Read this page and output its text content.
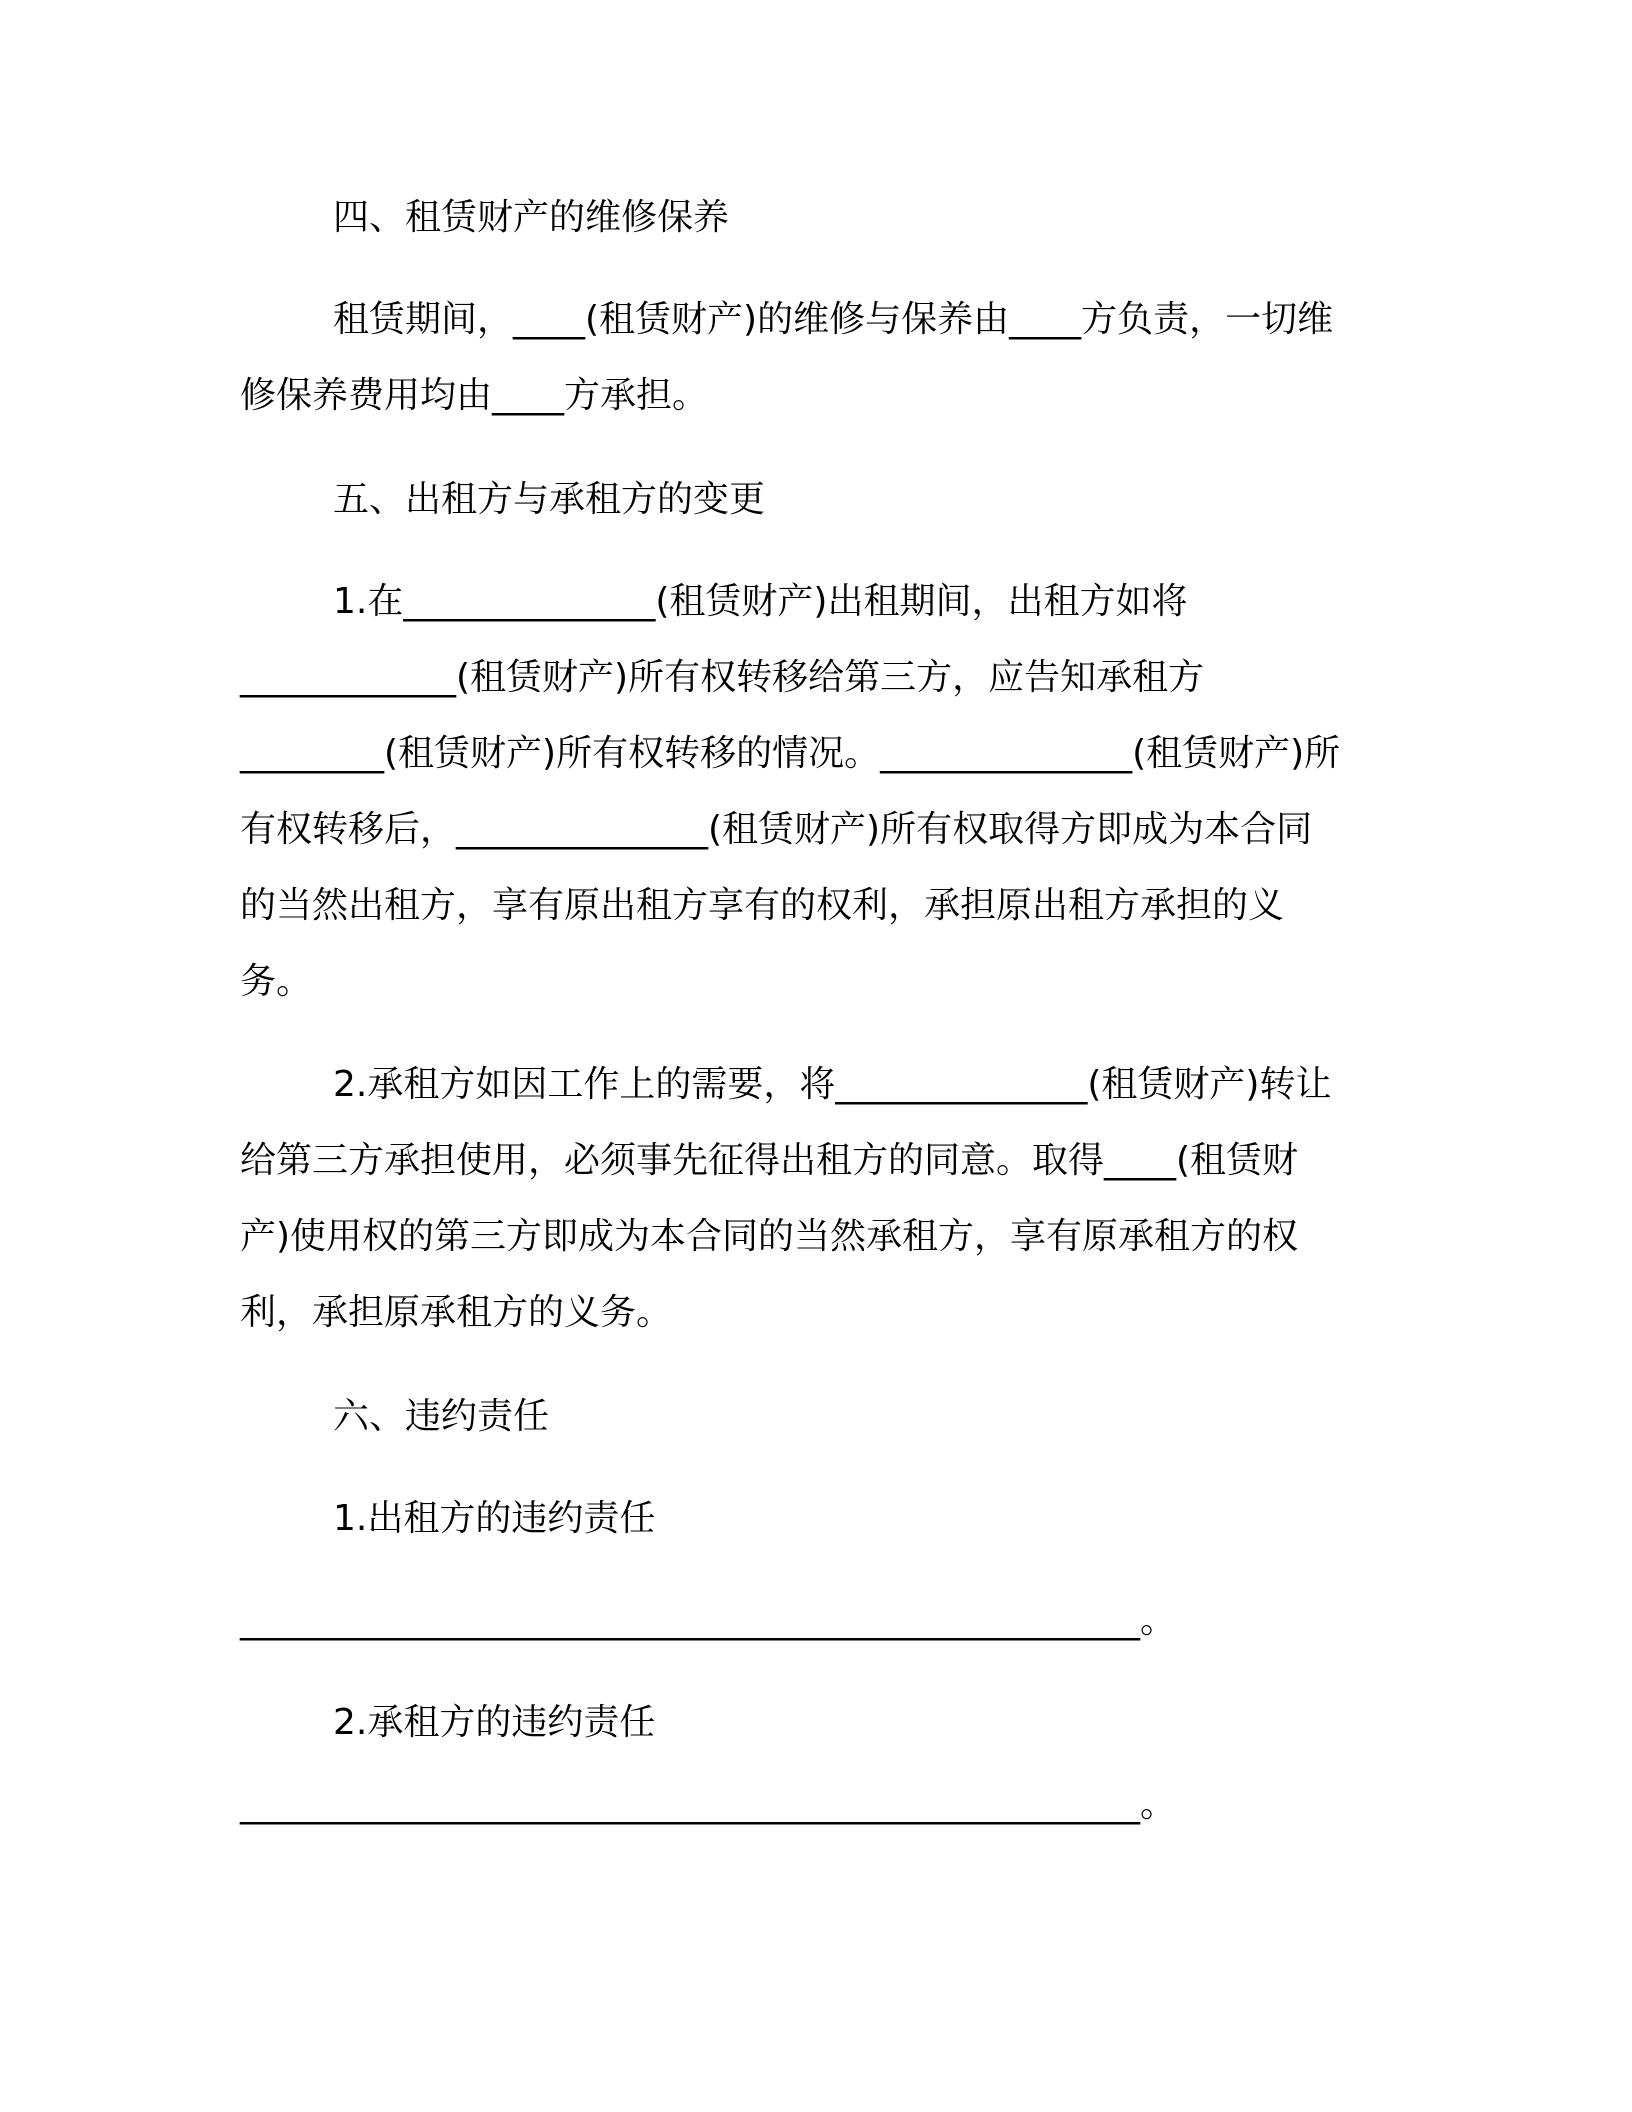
四、租赁财产的维修保养
租赁期间，____(租赁财产)的维修与保养由____方负责，一切维
修保养费用均由____方承担。
五、出租方与承租方的变更
1.在______________(租赁财产)出租期间，出租方如将
____________(租赁财产)所有权转移给第三方，应告知承租方
________(租赁财产)所有权转移的情况。______________(租赁财产)所
有权转移后，______________(租赁财产)所有权取得方即成为本合同
的当然出租方，享有原出租方享有的权利，承担原出租方承担的义
务。
2.承租方如因工作上的需要，将______________(租赁财产)转让
给第三方承担使用，必须事先征得出租方的同意。取得____(租赁财
产)使用权的第三方即成为本合同的当然承租方，享有原承租方的权
利，承担原承租方的义务。
六、违约责任
1.出租方的违约责任
__________________________________________________。
2.承租方的违约责任
__________________________________________________。
